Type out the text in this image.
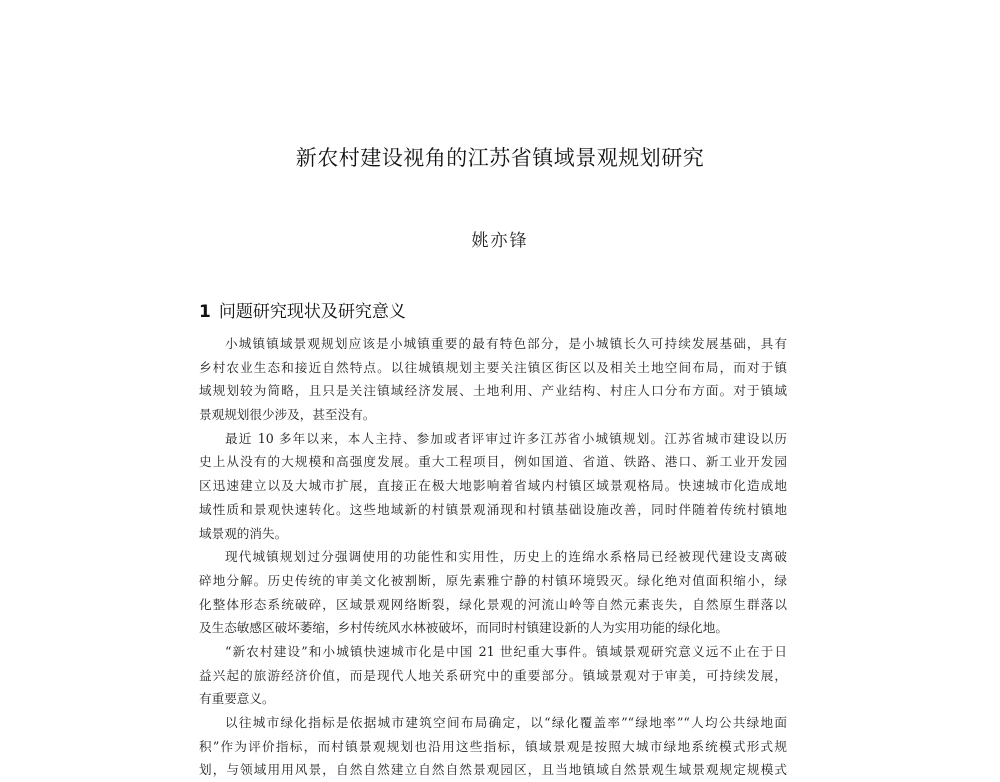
新农村建设视角的江苏省镇域景观规划研究
姚亦锋
1 问题研究现状及研究意义
小城镇镇域景观规划应该是小城镇重要的最有特色部分，是小城镇长久可持续发展基础，具有
乡村农业生态和接近自然特点。以往城镇规划主要关注镇区街区以及相关土地空间布局，而对于镇
域规划较为简略，且只是关注镇域经济发展、土地利用、产业结构、村庄人口分布方面。对于镇域
景观规划很少涉及，甚至没有。
最近 10 多年以来，本人主持、参加或者评审过许多江苏省小城镇规划。江苏省城市建设以历
史上从没有的大规模和高强度发展。重大工程项目，例如国道、省道、铁路、港口、新工业开发园
区迅速建立以及大城市扩展，直接正在极大地影响着省域内村镇区域景观格局。快速城市化造成地
域性质和景观快速转化。这些地域新的村镇景观涌现和村镇基础设施改善，同时伴随着传统村镇地
域景观的消失。
现代城镇规划过分强调使用的功能性和实用性，历史上的连绵水系格局已经被现代建设支离破
碎地分解。历史传统的审美文化被割断，原先素雅宁静的村镇环境毁灭。绿化绝对值面积缩小，绿
化整体形态系统破碎，区域景观网络断裂，绿化景观的河流山岭等自然元素丧失，自然原生群落以
及生态敏感区破坏萎缩，乡村传统风水林被破坏，而同时村镇建设新的人为实用功能的绿化地。
“新农村建设”和小城镇快速城市化是中国 21 世纪重大事件。镇域景观研究意义远不止在于日
益兴起的旅游经济价值，而是现代人地关系研究中的重要部分。镇域景观对于审美，可持续发展，
有重要意义。
以往城市绿化指标是依据城市建筑空间布局确定，以“绿化覆盖率”“绿地率”“人均公共绿地面
积”作为评价指标，而村镇景观规划也沿用这些指标，镇域景观是按照大城市绿地系统模式形式规
划，与领域用用风景，自然自然建立自然自然景观园区，且当地镇域自然景观生域景观规定规模式
